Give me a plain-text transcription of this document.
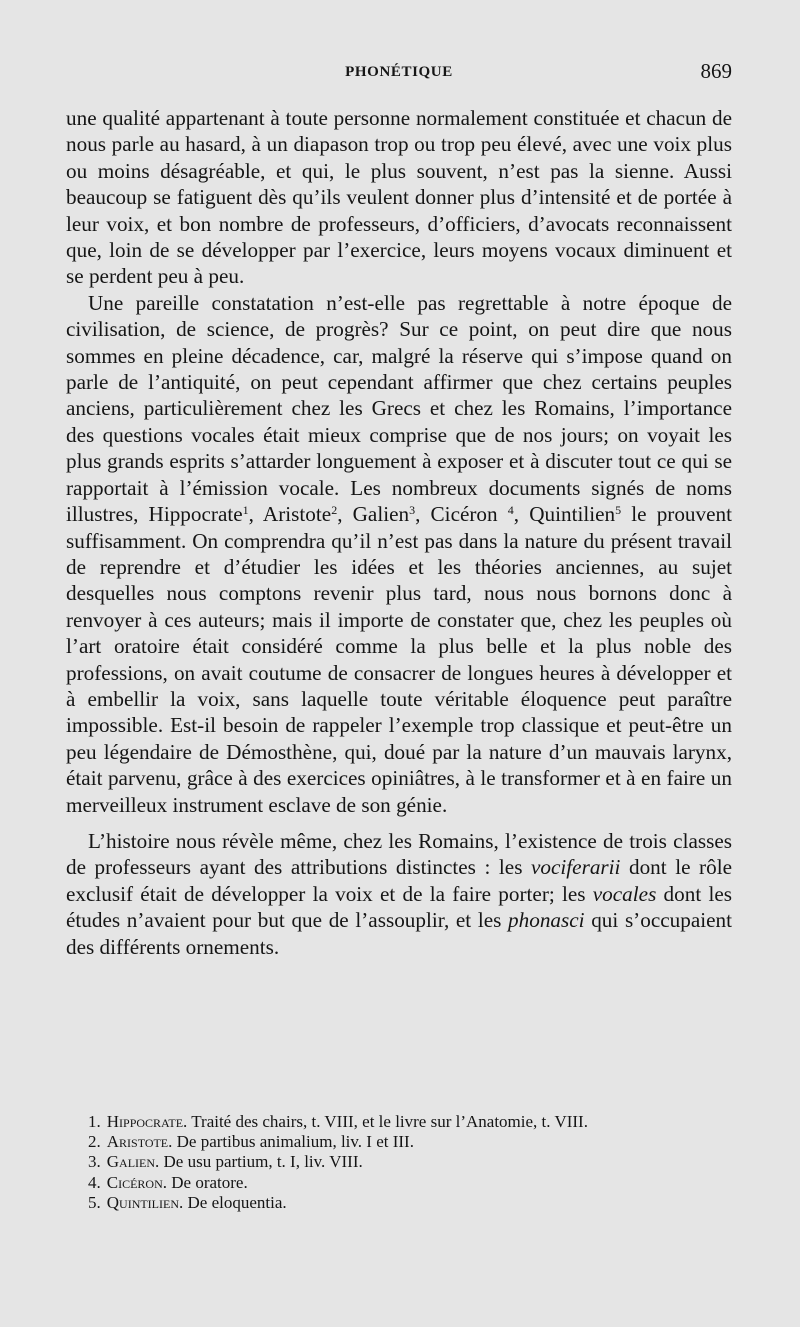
PHONÉTIQUE	869

une qualité appartenant à toute personne normalement constituée et chacun de nous parle au hasard, à un diapason trop ou trop peu élevé, avec une voix plus ou moins désagréable, et qui, le plus souvent, n’est pas la sienne. Aussi beaucoup se fatiguent dès qu’ils veulent donner plus d’intensité et de portée à leur voix, et bon nombre de professeurs, d’officiers, d’avocats reconnaissent que, loin de se développer par l’exercice, leurs moyens vocaux diminuent et se perdent peu à peu.

Une pareille constatation n’est-elle pas regrettable à notre époque de civilisation, de science, de progrès? Sur ce point, on peut dire que nous sommes en pleine décadence, car, malgré la réserve qui s’impose quand on parle de l’antiquité, on peut cependant affirmer que chez certains peuples anciens, particulièrement chez les Grecs et chez les Romains, l’importance des questions vocales était mieux comprise que de nos jours; on voyait les plus grands esprits s’attarder longuement à exposer et à discuter tout ce qui se rapportait à l’émission vocale. Les nombreux documents signés de noms illustres, Hippocrate$^1$, Aristote$^2$, Galien$^3$, Cicéron $^4$, Quintilien$^5$ le prouvent suffisamment. On comprendra qu’il n’est pas dans la nature du présent travail de reprendre et d’étudier les idées et les théories anciennes, au sujet desquelles nous comptons revenir plus tard, nous nous bornons donc à renvoyer à ces auteurs; mais il importe de constater que, chez les peuples où l’art oratoire était considéré comme la plus belle et la plus noble des professions, on avait coutume de consacrer de longues heures à développer et à embellir la voix, sans laquelle toute véritable éloquence peut paraître impossible. Est-il besoin de rappeler l’exemple trop classique et peut-être un peu légendaire de Démosthène, qui, doué par la nature d’un mauvais larynx, était parvenu, grâce à des exercices opiniâtres, à le transformer et à en faire un merveilleux instrument esclave de son génie.

L’histoire nous révèle même, chez les Romains, l’existence de trois classes de professeurs ayant des attributions distinctes : les vociferarii dont le rôle exclusif était de développer la voix et de la faire porter; les vocales dont les études n’avaient pour but que de l’assouplir, et les phonasci qui s’occupaient des différents ornements.

1. Hippocrate. Traité des chairs, t. VIII, et le livre sur l’Anatomie, t. VIII.

2. Aristote. De partibus animalium, liv. I et III.

3. Galien. De usu partium, t. I, liv. VIII.

4. Cicéron. De oratore.

5. Quintilien. De eloquentia.
